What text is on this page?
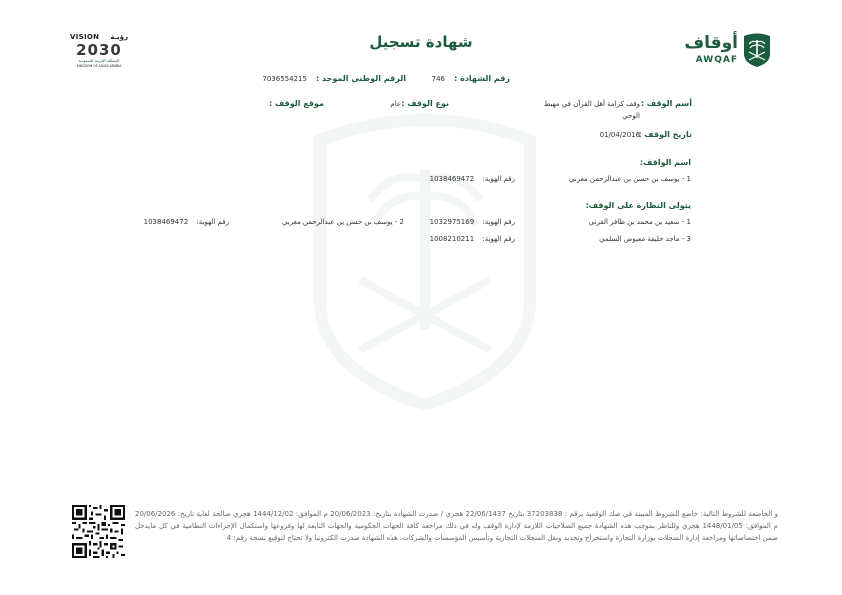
VISION رؤيـة
2030
المملكة العربية السعودية
KINGDOM OF SAUDI ARABIA
أوقاف
AWQAF
شهادة تسجيل
رقم الشهادة : 746
الرقم الوطني الموحد : 7036554215
أسم الوقف :
وقف كرامة أهل القرآن في مهبط
الوحي
نوع الوقف :
عام
موقع الوقف :
تاريخ الوقف :
01/04/2016
اسم الواقف:
1 - يوسف بن حسن بن عبدالرحمن مغربي
رقم الهوية: 1038469472
يتولى النظارة على الوقف:
1 - سعيد بن محمد بن ظافر القرني
رقم الهوية: 1032975169
2 - يوسف بن حسن بن عبدالرحمن مغربي
رقم الهوية: 1038469472
3 - ماجد خليفة معيوض السلمي
رقم الهوية: 1008210211
و الخاضعة للشروط التالية: خاضع للشروط المبينة في صك الوقفية برقم : 37203838 بتاريخ 22/06/1437 هجري / صدرت الشهادة بتاريخ: 20/06/2023 م الموافق: 1444/12/02 هجري صالحة لغاية تاريخ: 20/06/2026 م الموافق: 1448/01/05 هجري وللناظر بموجب هذه الشهادة جميع الصلاحيات اللازمة لإدارة الوقف وله في ذلك مراجعة كافة الجهات الحكومية والجهات التابعة لها وفروعها واستكمال الإجراءات النظامية في كل مايدخل ضمن اختصاصاتها ومراجعة إدارة السجلات بوزارة التجارة واستخراج وتجديد ونقل السجلات التجارية وتأسيس المؤسسات والشركات. هذه الشهادة صدرت الكترونيا ولا تحتاج لتوقيع نسخة رقم: 4
